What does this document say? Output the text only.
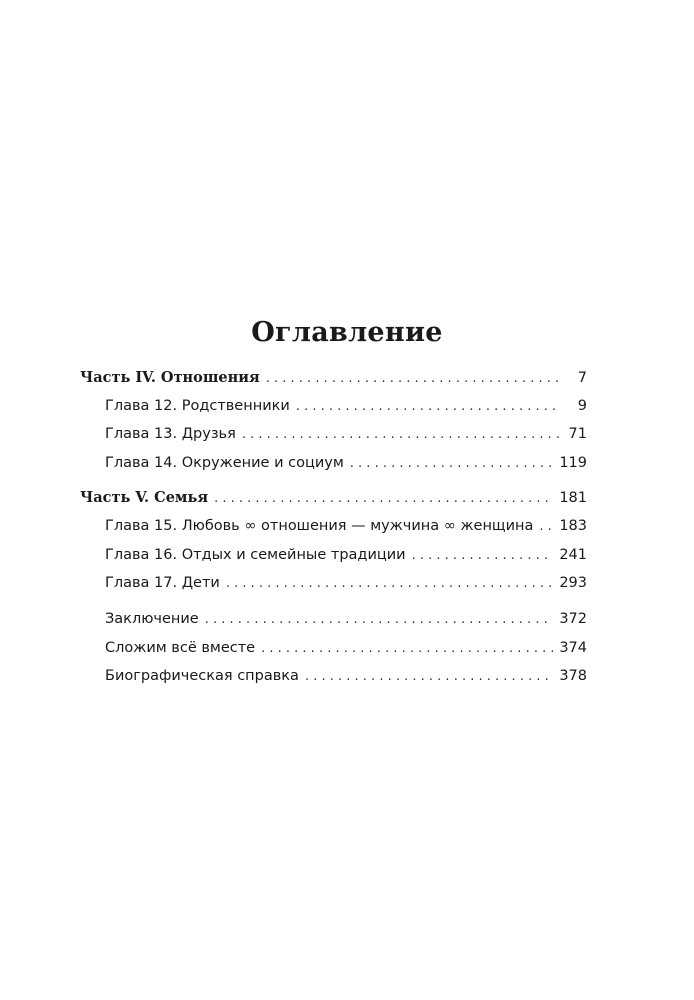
Оглавление
Часть IV. Отношения . . .	7
Глава 12. Родственники . . .	9
Глава 13. Друзья . . .	71
Глава 14. Окружение и социум . . .	119
Часть V. Семья . . .	181
Глава 15. Любовь ∞ отношения — мужчина ∞ женщина . . . 183
Глава 16. Отдых и семейные традиции . . .	241
Глава 17. Дети . . .	293
Заключение . . .	372
Сложим всё вместе . . .	374
Биографическая справка . . .	378
